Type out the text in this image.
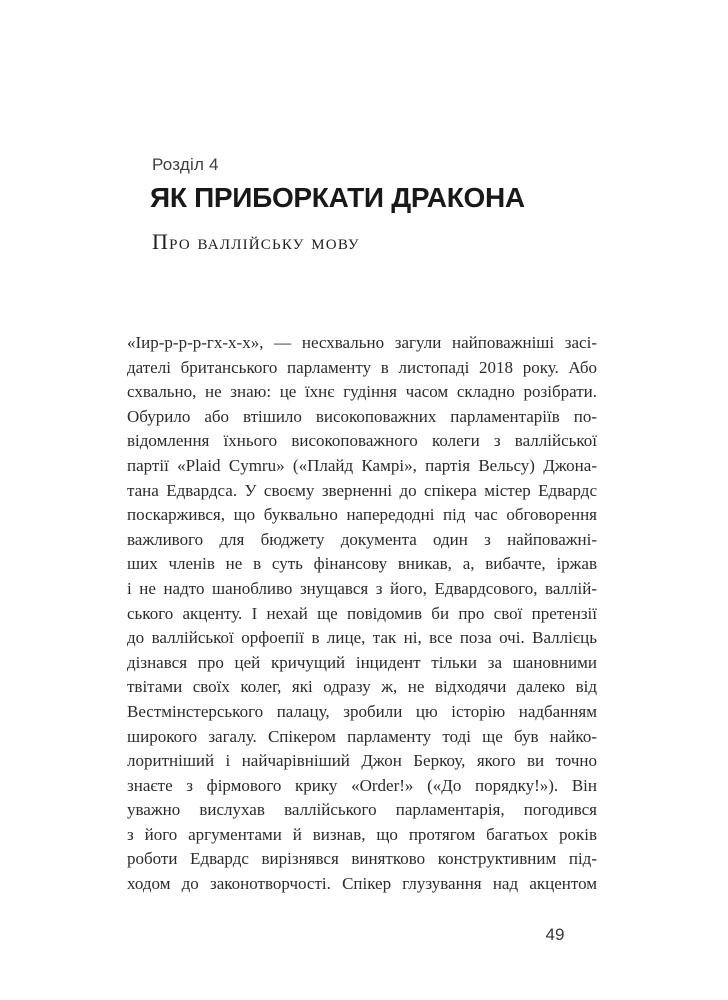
Розділ 4
ЯК ПРИБОРКАТИ ДРАКОНА
Про валлійську мову
«Іир-р-р-р-гх-х-х», — несхвально загули найповажніші засі-
дателі британського парламенту в листопаді 2018 року. Або
схвально, не знаю: це їхнє гудіння часом складно розібрати.
Обурило або втішило високоповажних парламентаріїв по-
відомлення їхнього високоповажного колеги з валлійської
партії «Plaid Cymru» («Плайд Камрі», партія Вельсу) Джона-
тана Едвардса. У своєму зверненні до спікера містер Едвардс
поскаржився, що буквально напередодні під час обговорення
важливого для бюджету документа один з найповажні-
ших членів не в суть фінансову вникав, а, вибачте, іржав
і не надто шанобливо знущався з його, Едвардсового, валлій-
ського акценту. І нехай ще повідомив би про свої претензії
до валлійської орфоепії в лице, так ні, все поза очі. Валлієць
дізнався про цей кричущий інцидент тільки за шановними
твітами своїх колег, які одразу ж, не відходячи далеко від
Вестмінстерського палацу, зробили цю історію надбанням
широкого загалу. Спікером парламенту тоді ще був найко-
лоритніший і найчарівніший Джон Беркоу, якого ви точно
знаєте з фірмового крику «Order!» («До порядку!»). Він
уважно вислухав валлійського парламентарія, погодився
з його аргументами й визнав, що протягом багатьох років
роботи Едвардс вирізнявся винятково конструктивним під-
ходом до законотворчості. Спікер глузування над акцентом
49
